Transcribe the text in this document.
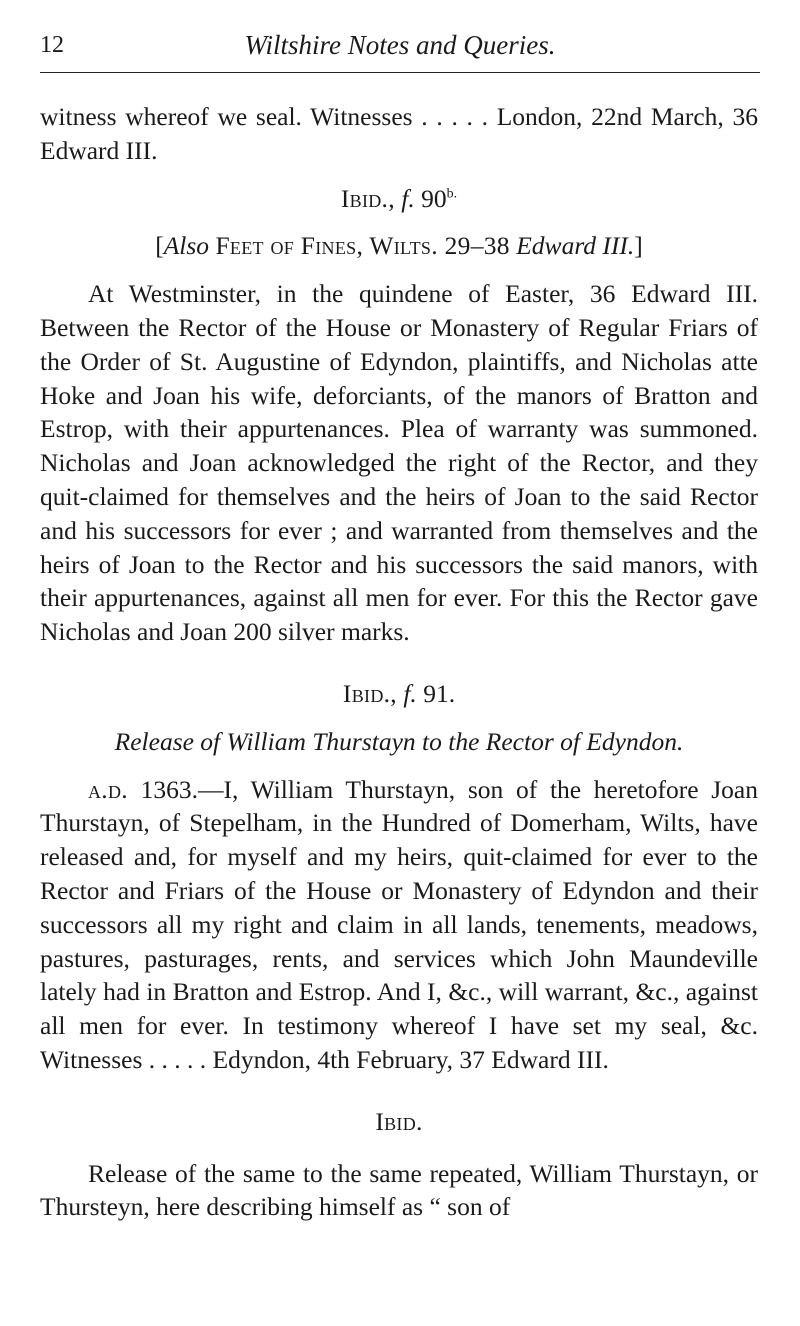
12	Wiltshire Notes and Queries.

witness whereof we seal. Witnesses . . . . . London, 22nd March, 36 Edward III.

Ibid., f. $90^{b.}$

[Also Feet of Fines, Wilts. 29–38 Edward III.]

At Westminster, in the quindene of Easter, 36 Edward III. Between the Rector of the House or Monastery of Regular Friars of the Order of St. Augustine of Edyndon, plaintiffs, and Nicholas atte Hoke and Joan his wife, deforciants, of the manors of Bratton and Estrop, with their appurtenances. Plea of warranty was summoned. Nicholas and Joan acknowledged the right of the Rector, and they quit-claimed for themselves and the heirs of Joan to the said Rector and his successors for ever ; and warranted from themselves and the heirs of Joan to the Rector and his successors the said manors, with their appurtenances, against all men for ever. For this the Rector gave Nicholas and Joan 200 silver marks.

Ibid., f. 91.

Release of William Thurstayn to the Rector of Edyndon.

a.d. 1363.—I, William Thurstayn, son of the heretofore Joan Thurstayn, of Stepelham, in the Hundred of Domerham, Wilts, have released and, for myself and my heirs, quit-claimed for ever to the Rector and Friars of the House or Monastery of Edyndon and their successors all my right and claim in all lands, tenements, meadows, pastures, pasturages, rents, and services which John Maundeville lately had in Bratton and Estrop. And I, &c., will warrant, &c., against all men for ever. In testimony whereof I have set my seal, &c. Witnesses . . . . . Edyndon, 4th February, 37 Edward III.

Ibid.

Release of the same to the same repeated, William Thurstayn, or Thursteyn, here describing himself as “ son of
